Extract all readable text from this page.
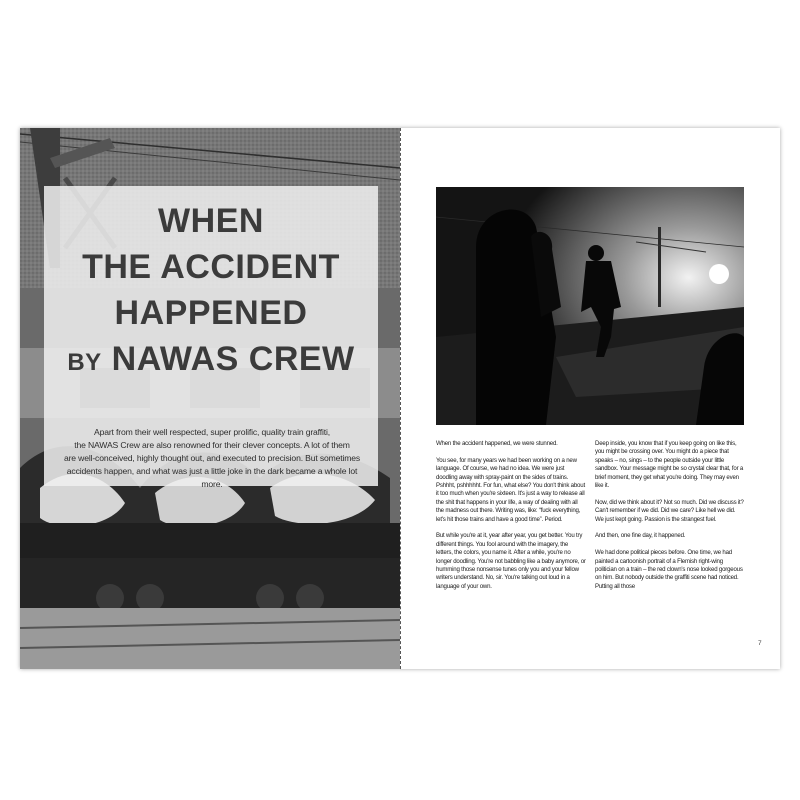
WHEN
THE ACCIDENT
HAPPENED
BY NAWAS CREW
Apart from their well respected, super prolific, quality train graffiti,
the NAWAS Crew are also renowned for their clever concepts. A lot of them
are well-conceived, highly thought out, and executed to precision. But sometimes
accidents happen, and what was just a little joke in the dark became a whole lot more.

When the accident happened, we were stunned.

You see, for many years we had been working on a new language. Of course, we had no idea. We were just doodling away with spray-paint on the sides of trains. Pshhht, pshhhhht. For fun, what else? You don't think about it too much when you're sixteen. It's just a way to release all the shit that happens in your life, a way of dealing with all the madness out there. Writing was, like: “fuck everything, let's hit those trains and have a good time”. Period.

But while you're at it, year after year, you get better. You try different things. You fool around with the imagery, the letters, the colors, you name it. After a while, you're no longer doodling. You're not babbling like a baby anymore, or humming those nonsense tunes only you and your fellow writers understand. No, sir. You're talking out loud in a language of your own.

Deep inside, you know that if you keep going on like this, you might be crossing over. You might do a piece that speaks – no, sings – to the people outside your little sandbox. Your message might be so crystal clear that, for a brief moment, they get what you're doing. They may even like it.

Now, did we think about it? Not so much. Did we discuss it? Can't remember if we did. Did we care? Like hell we did. We just kept going. Passion is the strangest fuel.

And then, one fine day, it happened.

We had done political pieces before. One time, we had painted a cartoonish portrait of a Flemish right-wing politician on a train – the red clown's nose looked gorgeous on him. But nobody outside the graffiti scene had noticed. Putting all those

7
